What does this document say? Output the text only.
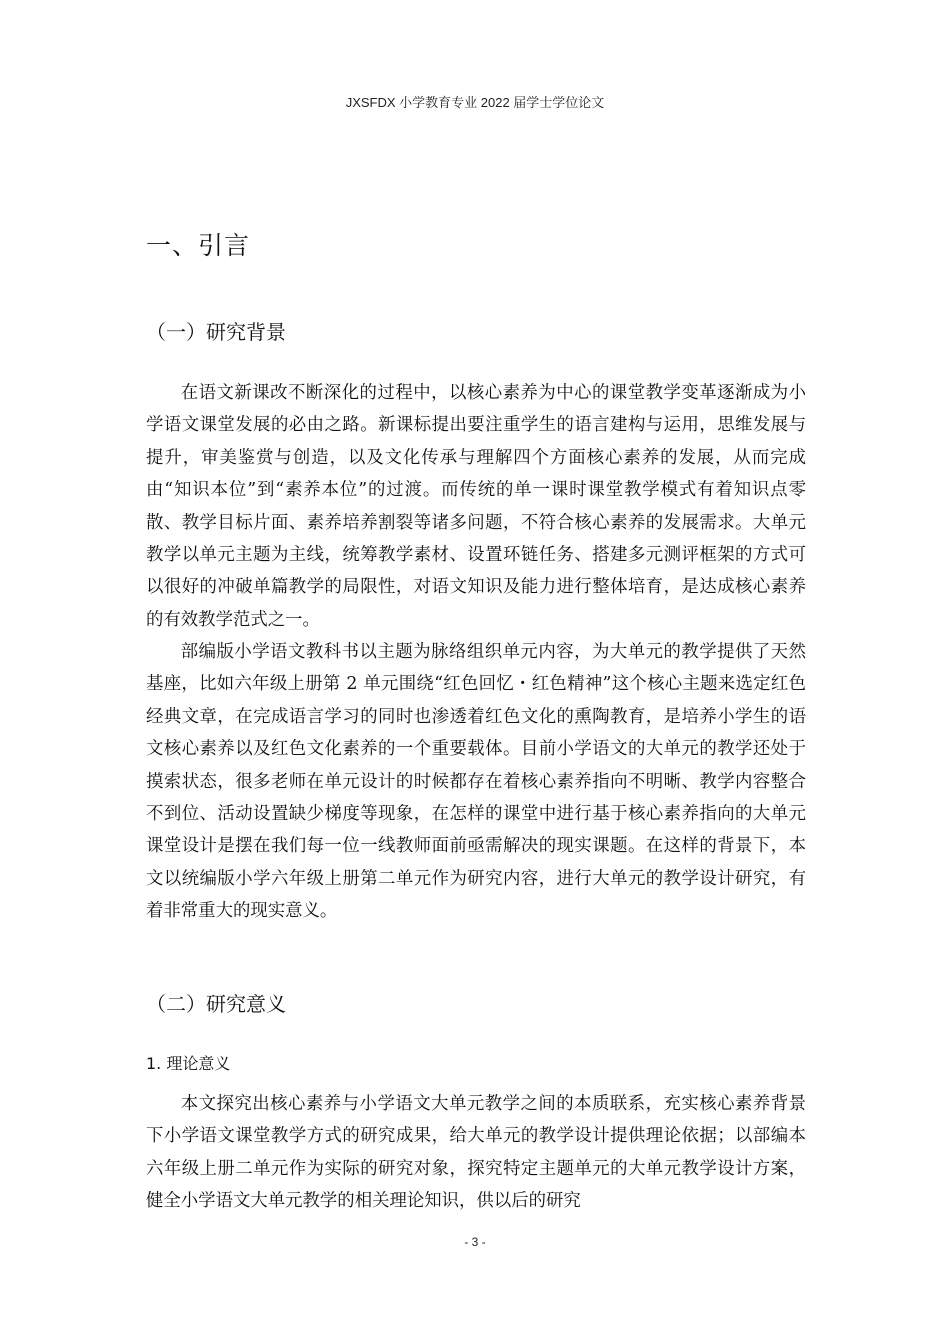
JXSFDX 小学教育专业 2022 届学士学位论文
一、引言
（一）研究背景

在语文新课改不断深化的过程中，以核心素养为中心的课堂教学变革逐渐成为小学语文课堂发展的必由之路。新课标提出要注重学生的语言建构与运用，思维发展与提升，审美鉴赏与创造，以及文化传承与理解四个方面核心素养的发展，从而完成由“知识本位”到“素养本位”的过渡。而传统的单一课时课堂教学模式有着知识点零散、教学目标片面、素养培养割裂等诸多问题，不符合核心素养的发展需求。大单元教学以单元主题为主线，统筹教学素材、设置环链任务、搭建多元测评框架的方式可以很好的冲破单篇教学的局限性，对语文知识及能力进行整体培育，是达成核心素养的有效教学范式之一。

部编版小学语文教科书以主题为脉络组织单元内容，为大单元的教学提供了天然基座，比如六年级上册第 2 单元围绕“红色回忆・红色精神”这个核心主题来选定红色经典文章，在完成语言学习的同时也渗透着红色文化的熏陶教育，是培养小学生的语文核心素养以及红色文化素养的一个重要载体。目前小学语文的大单元的教学还处于摸索状态，很多老师在单元设计的时候都存在着核心素养指向不明晰、教学内容整合不到位、活动设置缺少梯度等现象，在怎样的课堂中进行基于核心素养指向的大单元课堂设计是摆在我们每一位一线教师面前亟需解决的现实课题。在这样的背景下，本文以统编版小学六年级上册第二单元作为研究内容，进行大单元的教学设计研究，有着非常重大的现实意义。

（二）研究意义
1. 理论意义

本文探究出核心素养与小学语文大单元教学之间的本质联系，充实核心素养背景下小学语文课堂教学方式的研究成果，给大单元的教学设计提供理论依据；以部编本六年级上册二单元作为实际的研究对象，探究特定主题单元的大单元教学设计方案，健全小学语文大单元教学的相关理论知识，供以后的研究

- 3 -
